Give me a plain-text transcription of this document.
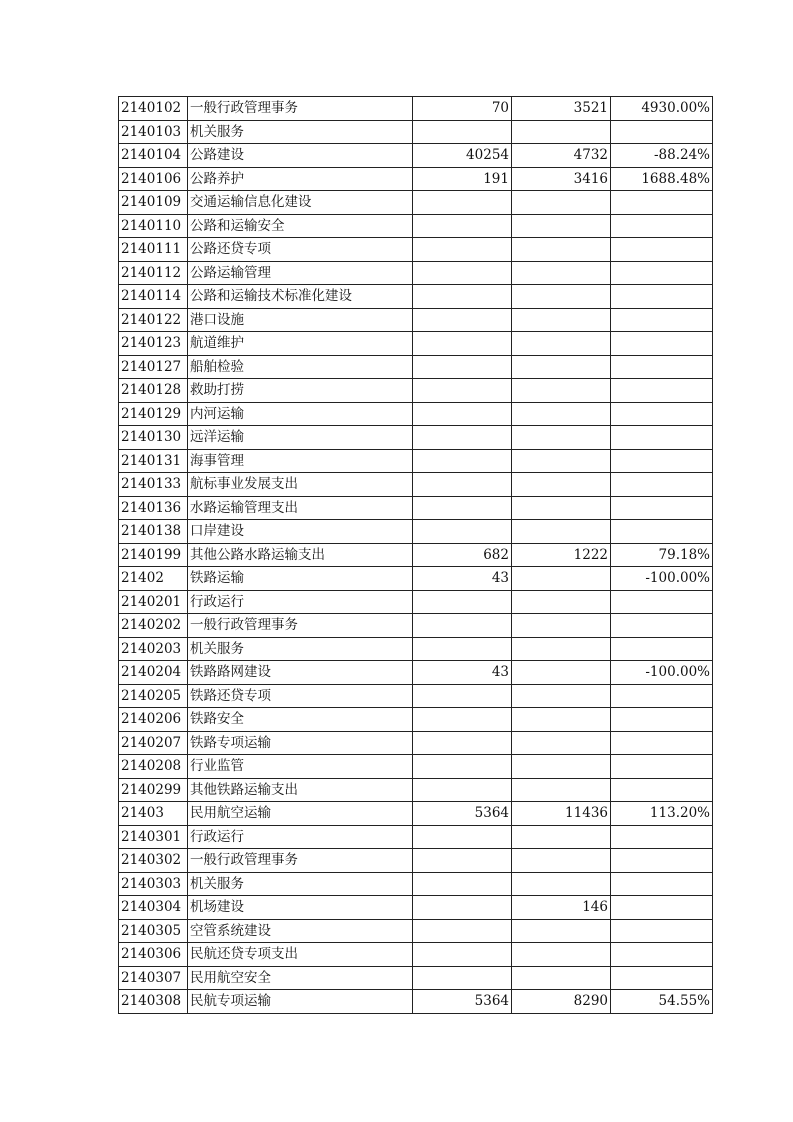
2140102	一般行政管理事务	70	3521	4930.00%
2140103	机关服务			
2140104	公路建设	40254	4732	-88.24%
2140106	公路养护	191	3416	1688.48%
2140109	交通运输信息化建设			
2140110	公路和运输安全			
2140111	公路还贷专项			
2140112	公路运输管理			
2140114	公路和运输技术标准化建设			
2140122	港口设施			
2140123	航道维护			
2140127	船舶检验			
2140128	救助打捞			
2140129	内河运输			
2140130	远洋运输			
2140131	海事管理			
2140133	航标事业发展支出			
2140136	水路运输管理支出			
2140138	口岸建设			
2140199	其他公路水路运输支出	682	1222	79.18%
21402	铁路运输	43		-100.00%
2140201	行政运行			
2140202	一般行政管理事务			
2140203	机关服务			
2140204	铁路路网建设	43		-100.00%
2140205	铁路还贷专项			
2140206	铁路安全			
2140207	铁路专项运输			
2140208	行业监管			
2140299	其他铁路运输支出			
21403	民用航空运输	5364	11436	113.20%
2140301	行政运行			
2140302	一般行政管理事务			
2140303	机关服务			
2140304	机场建设		146	
2140305	空管系统建设			
2140306	民航还贷专项支出			
2140307	民用航空安全			
2140308	民航专项运输	5364	8290	54.55%
